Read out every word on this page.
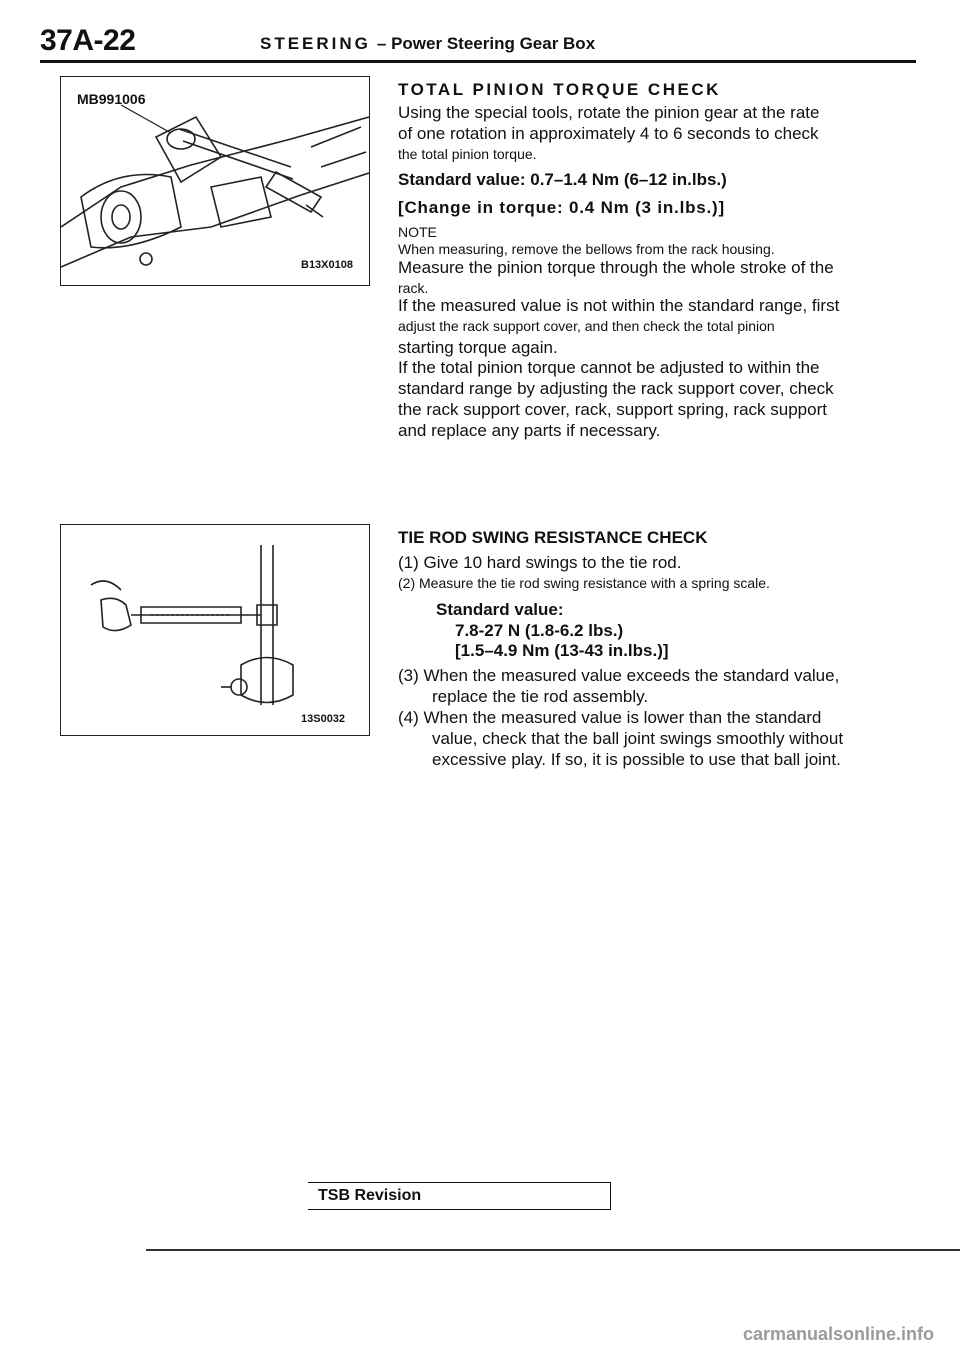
37A-22	STEERING – Power Steering Gear Box
MB991006
B13X0108
TOTAL PINION TORQUE CHECK
Using the special tools, rotate the pinion gear at the rate
of one rotation in approximately 4 to 6 seconds to check
the total pinion torque.
Standard value: 0.7–1.4 Nm (6–12 in.lbs.)
[Change in torque: 0.4 Nm (3 in.lbs.)]
NOTE
When measuring, remove the bellows from the rack housing.
Measure the pinion torque through the whole stroke of the
rack.
If the measured value is not within the standard range, first
adjust the rack support cover, and then check the total pinion
starting torque again.
If the total pinion torque cannot be adjusted to within the
standard range by adjusting the rack support cover, check
the rack support cover, rack, support spring, rack support
and replace any parts if necessary.
13S0032
TIE ROD SWING RESISTANCE CHECK
(1) Give 10 hard swings to the tie rod.
(2) Measure the tie rod swing resistance with a spring scale.
Standard value:
7.8-27 N (1.8-6.2 lbs.)
[1.5–4.9 Nm (13-43 in.lbs.)]
(3) When the measured value exceeds the standard value,
replace the tie rod assembly.
(4) When the measured value is lower than the standard
value, check that the ball joint swings smoothly without
excessive play. If so, it is possible to use that ball joint.
TSB Revision
carmanualsonline.info
